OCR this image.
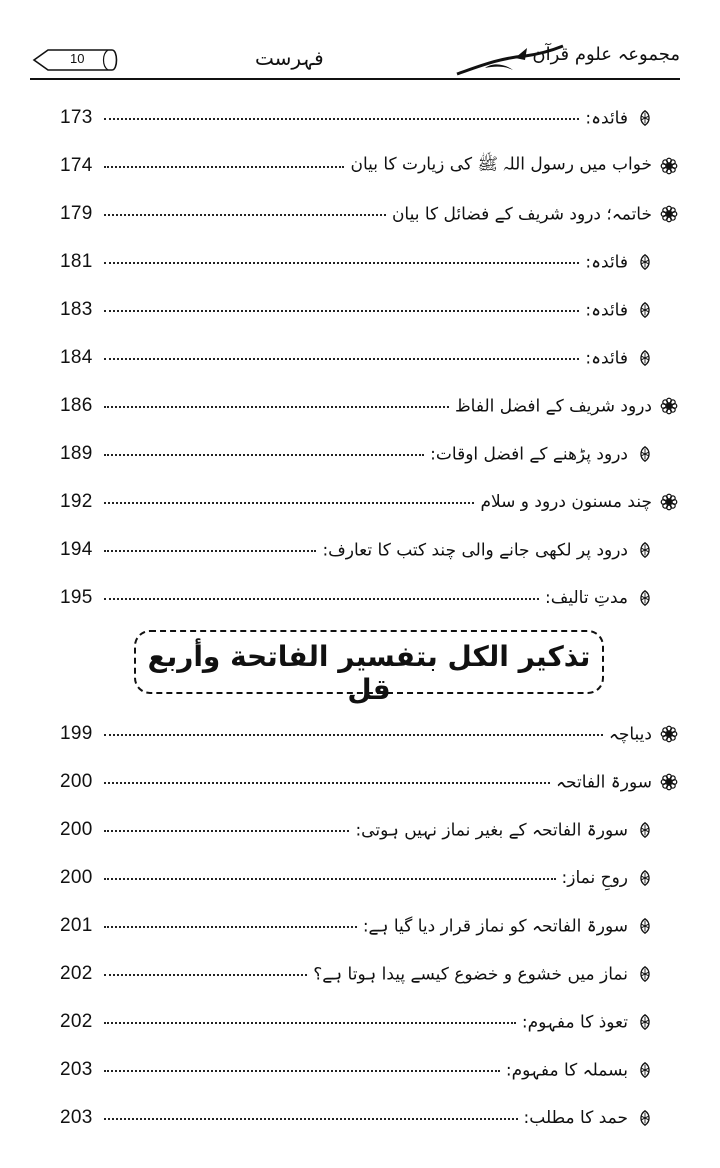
10	فہرست	مجموعہ علوم قرآن
173	فائدہ:
174	خواب میں رسول اللہ ﷺ کی زیارت کا بیان
179	خاتمہ؛ درود شریف کے فضائل کا بیان
181	فائدہ:
183	فائدہ:
184	فائدہ:
186	درود شریف کے افضل الفاظ
189	درود پڑھنے کے افضل اوقات:
192	چند مسنون درود و سلام
194	درود پر لکھی جانے والی چند کتب کا تعارف:
195	مدتِ تالیف:
تذكير الكل بتفسير الفاتحة وأربع قل
199	دیباچہ
200	سورۃ الفاتحہ
200	سورۃ الفاتحہ کے بغیر نماز نہیں ہوتی:
200	روحِ نماز:
201	سورۃ الفاتحہ کو نماز قرار دیا گیا ہے:
202	نماز میں خشوع و خضوع کیسے پیدا ہوتا ہے؟
202	تعوذ کا مفہوم:
203	بسملہ کا مفہوم:
203	حمد کا مطلب:
